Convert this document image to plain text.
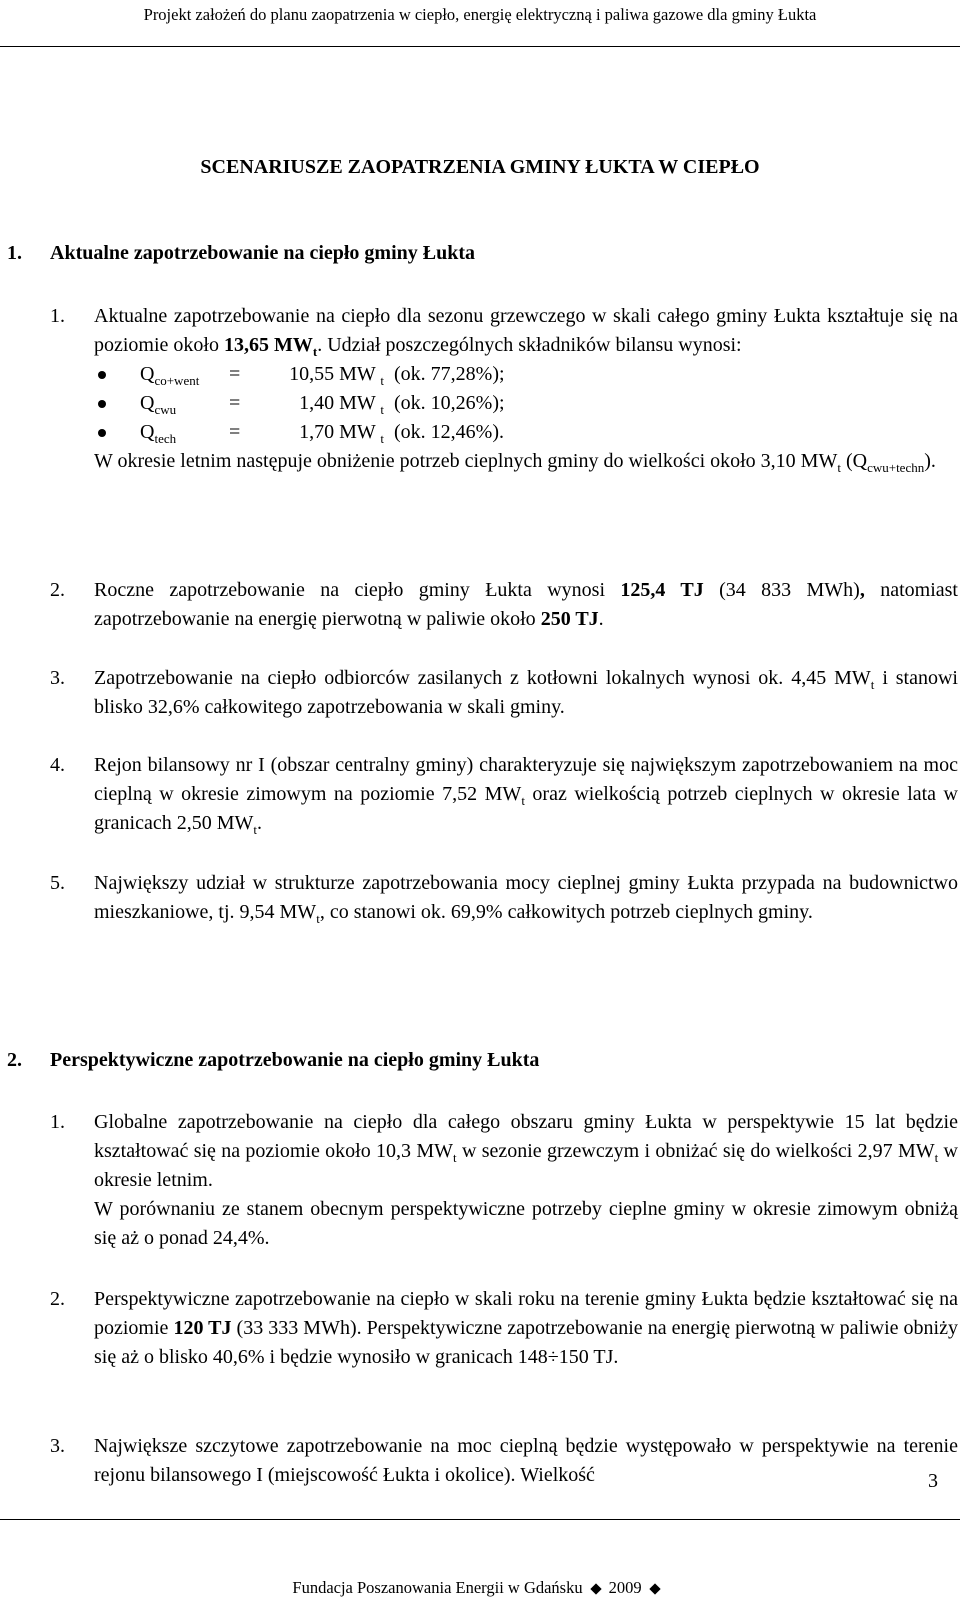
Projekt założeń do planu zaopatrzenia w ciepło, energię elektryczną i paliwa gazowe dla gminy Łukta
SCENARIUSZE ZAOPATRZENIA GMINY ŁUKTA W CIEPŁO
1. Aktualne zapotrzebowanie na ciepło gminy Łukta
1. Aktualne zapotrzebowanie na ciepło dla sezonu grzewczego w skali całego gminy Łukta kształtuje się na poziomie około 13,65 $MW_t$. Udział poszczególnych składników bilansu wynosi:

$Q_{co+went} = 10,55$ MW $_t$ (ok. 77,28%);
$Q_{cwu}$	=	1,40 MW $_t$ (ok. 10,26%);
$Q_{tech}$	=	1,70 MW $_t$ (ok. 12,46%).

W okresie letnim następuje obniżenie potrzeb cieplnych gminy do wielkości około 3,10 $MW_t$ $(Q_{cwu+techn})$.

2. Roczne zapotrzebowanie na ciepło gminy Łukta wynosi 125,4 TJ (34 833 MWh), natomiast zapotrzebowanie na energię pierwotną w paliwie około 250 TJ.

3. Zapotrzebowanie na ciepło odbiorców zasilanych z kotłowni lokalnych wynosi ok. 4,45 $MW_t$ i stanowi blisko 32,6% całkowitego zapotrzebowania w skali gminy.

4. Rejon bilansowy nr I (obszar centralny gminy) charakteryzuje się największym zapotrzebowaniem na moc cieplną w okresie zimowym na poziomie 7,52 $MW_t$ oraz wielkością potrzeb cieplnych w okresie lata w granicach 2,50 $MW_t$.

5. Największy udział w strukturze zapotrzebowania mocy cieplnej gminy Łukta przypada na budownictwo mieszkaniowe, tj. 9,54 $MW_t$, co stanowi ok. 69,9% całkowitych potrzeb cieplnych gminy.

2. Perspektywiczne zapotrzebowanie na ciepło gminy Łukta
1. Globalne zapotrzebowanie na ciepło dla całego obszaru gminy Łukta w perspektywie 15 lat będzie kształtować się na poziomie około 10,3 $MW_t$ w sezonie grzewczym i obniżać się do wielkości 2,97 $MW_t$ w okresie letnim.

W porównaniu ze stanem obecnym perspektywiczne potrzeby cieplne gminy w okresie zimowym obniżą się aż o ponad 24,4%.

2. Perspektywiczne zapotrzebowanie na ciepło w skali roku na terenie gminy Łukta będzie kształtować się na poziomie 120 TJ (33 333 MWh). Perspektywiczne zapotrzebowanie na energię pierwotną w paliwie obniży się aż o blisko 40,6% i będzie wynosiło w granicach 148÷150 TJ.

3. Największe szczytowe zapotrzebowanie na moc cieplną będzie występowało w perspektywie na terenie rejonu bilansowego I (miejscowość Łukta i okolice). Wielkość	3
Fundacja Poszanowania Energii w Gdańsku 2009
